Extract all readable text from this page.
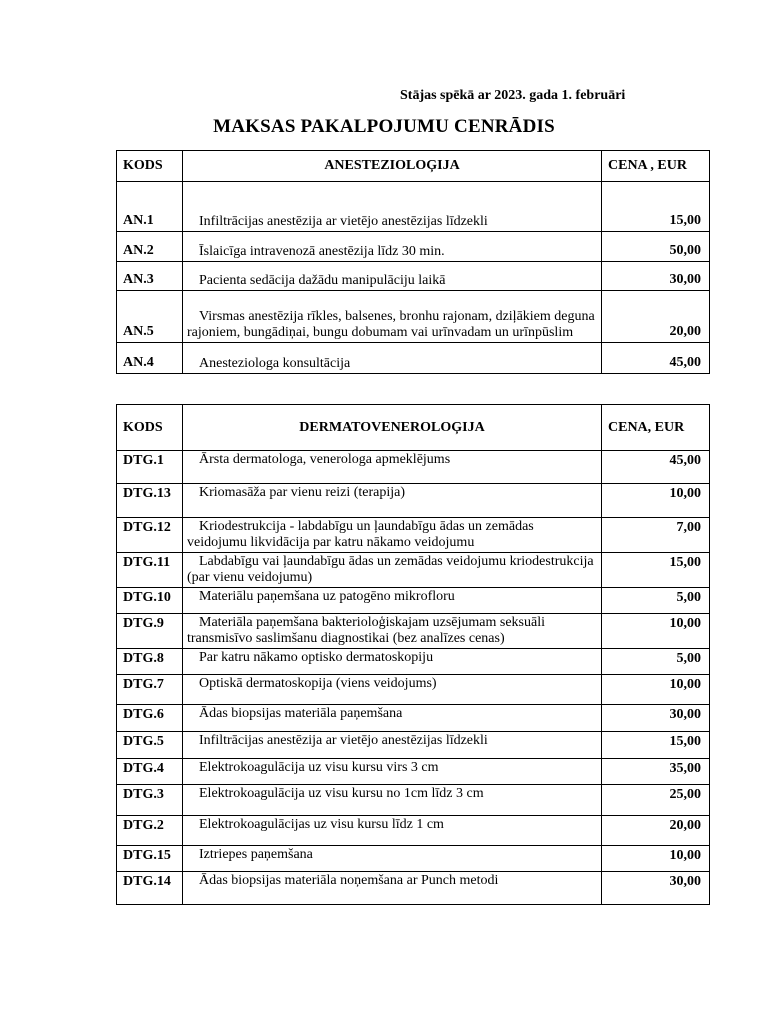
Stājas spēkā ar 2023. gada 1. februāri
MAKSAS PAKALPOJUMU CENRĀDIS
KODS	ANESTEZIOLOĢIJA	CENA , EUR
AN.1	Infiltrācijas anestēzija ar vietējo anestēzijas līdzekli	15,00
AN.2	Īslaicīga intravenozā anestēzija līdz 30 min.	50,00
AN.3	Pacienta sedācija dažādu manipulāciju laikā	30,00
AN.5	Virsmas anestēzija rīkles, balsenes, bronhu rajonam, dziļākiem deguna rajoniem, bungādiņai, bungu dobumam vai urīnvadam un urīnpūslim	20,00
AN.4	Anesteziologa konsultācija	45,00
KODS	DERMATOVENEROLOĢIJA	CENA, EUR
DTG.1	Ārsta dermatologa, venerologa apmeklējums	45,00
DTG.13	Kriomasāža par vienu reizi (terapija)	10,00
DTG.12	Kriodestrukcija - labdabīgu un ļaundabīgu ādas un zemādas veidojumu likvidācija par katru nākamo veidojumu	7,00
DTG.11	Labdabīgu vai ļaundabīgu ādas un zemādas veidojumu kriodestrukcija (par vienu veidojumu)	15,00
DTG.10	Materiālu paņemšana uz patogēno mikrofloru	5,00
DTG.9	Materiāla paņemšana bakterioloģiskajam uzsējumam seksuāli transmisīvo saslimšanu diagnostikai (bez analīzes cenas)	10,00
DTG.8	Par katru nākamo optisko dermatoskopiju	5,00
DTG.7	Optiskā dermatoskopija (viens veidojums)	10,00
DTG.6	Ādas biopsijas materiāla paņemšana	30,00
DTG.5	Infiltrācijas anestēzija ar vietējo anestēzijas līdzekli	15,00
DTG.4	Elektrokoagulācija uz visu kursu virs 3 cm	35,00
DTG.3	Elektrokoagulācija uz visu kursu no 1cm līdz 3 cm	25,00
DTG.2	Elektrokoagulācijas uz visu kursu līdz 1 cm	20,00
DTG.15	Iztriepes paņemšana	10,00
DTG.14	Ādas biopsijas materiāla noņemšana ar Punch metodi	30,00
